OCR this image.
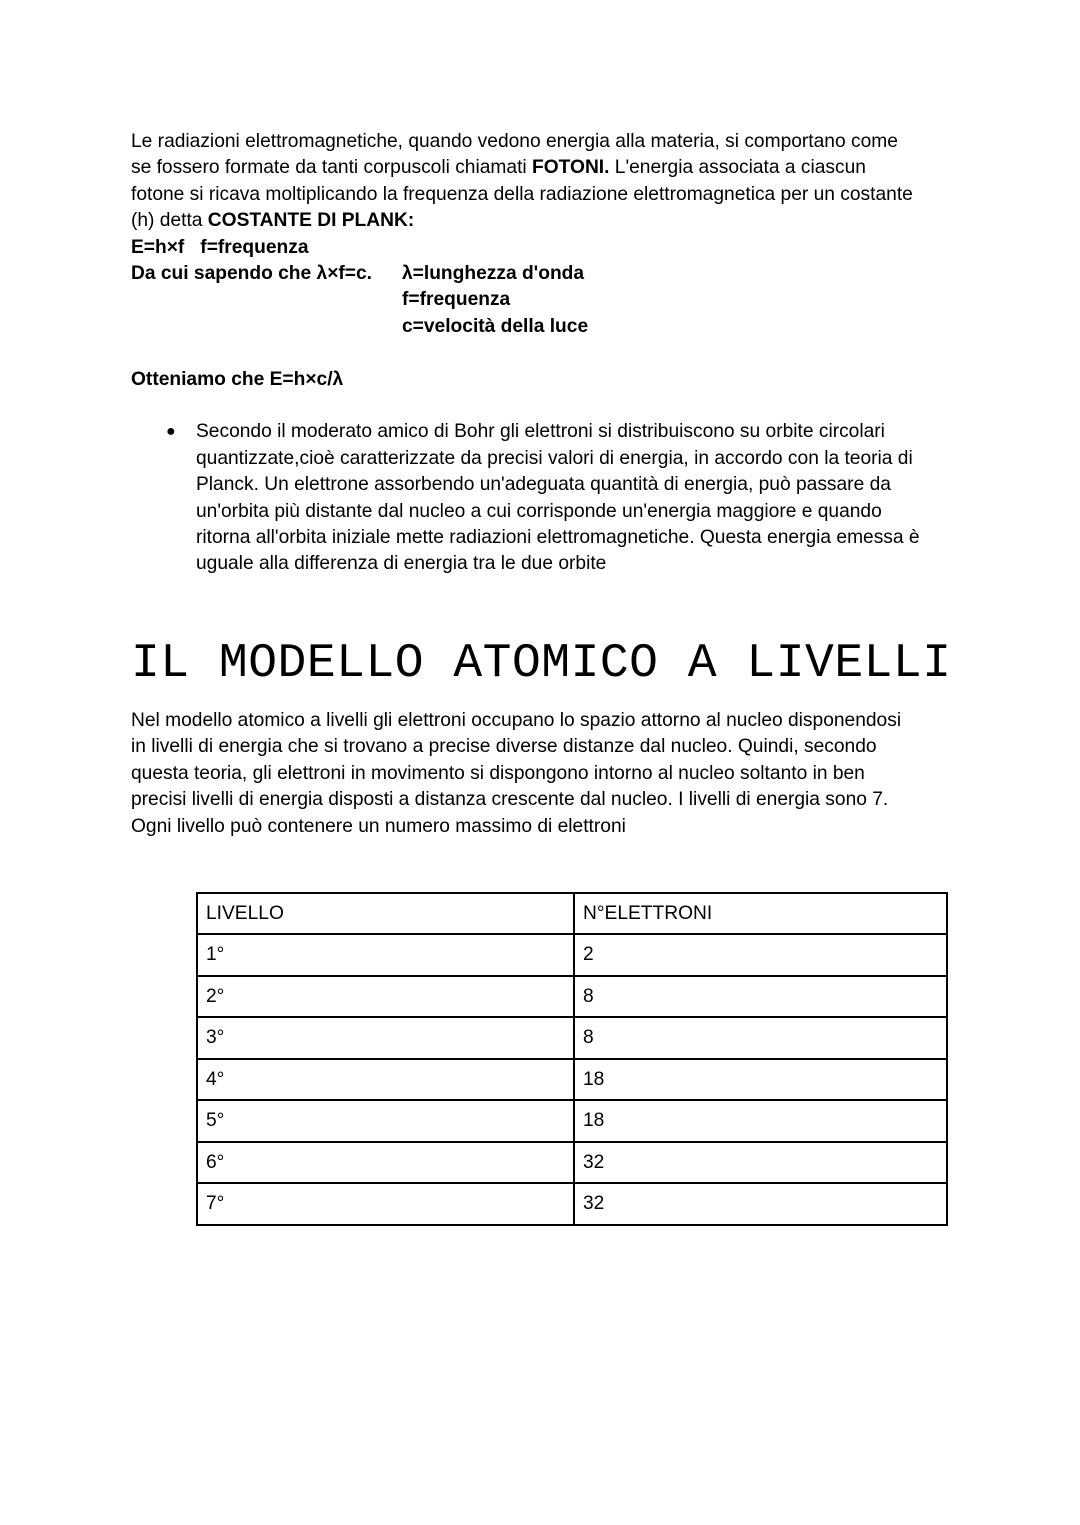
Le radiazioni elettromagnetiche, quando vedono energia alla materia, si comportano come

se fossero formate da tanti corpuscoli chiamati FOTONI. L'energia associata a ciascun

fotone si ricava moltiplicando la frequenza della radiazione elettromagnetica per un costante

(h) detta COSTANTE DI PLANK:

E=h×f   f=frequenza
Da cui sapendo che λ×f=c.	λ=lunghezza d'onda
f=frequenza
c=velocità della luce
Otteniamo che E=h×c/λ
● Secondo il moderato amico di Bohr gli elettroni si distribuiscono su orbite circolari
quantizzate,cioè caratterizzate da precisi valori di energia, in accordo con la teoria di
Planck. Un elettrone assorbendo un'adeguata quantità di energia, può passare da
un'orbita più distante dal nucleo a cui corrisponde un'energia maggiore e quando
ritorna all'orbita iniziale mette radiazioni elettromagnetiche. Questa energia emessa è
uguale alla differenza di energia tra le due orbite
IL MODELLO ATOMICO A LIVELLI

Nel modello atomico a livelli gli elettroni occupano lo spazio attorno al nucleo disponendosi

in livelli di energia che si trovano a precise diverse distanze dal nucleo. Quindi, secondo

questa teoria, gli elettroni in movimento si dispongono intorno al nucleo soltanto in ben

precisi livelli di energia disposti a distanza crescente dal nucleo. I livelli di energia sono 7.

Ogni livello può contenere un numero massimo di elettroni

LIVELLO	N°ELETTRONI
1°	2
2°	8
3°	8
4°	18
5°	18
6°	32
7°	32
